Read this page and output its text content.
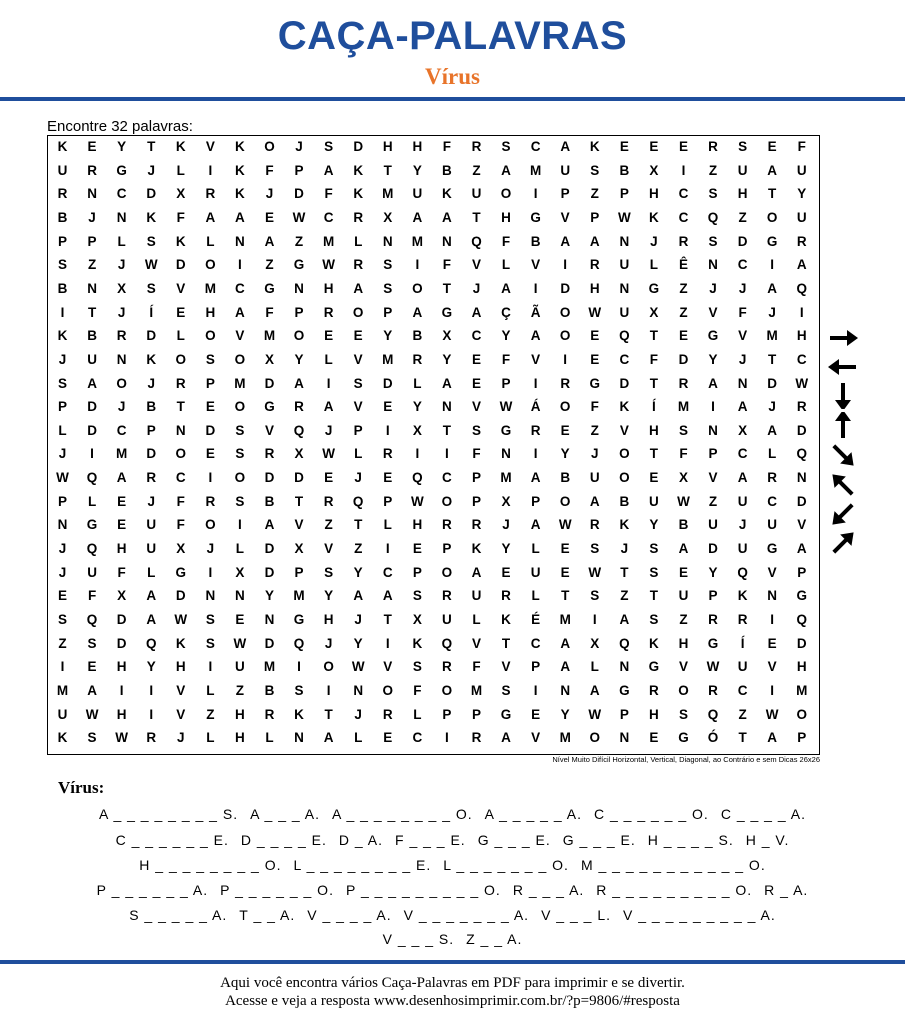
CAÇA-PALAVRAS
Vírus
Encontre 32 palavras:
K	E	Y	T	K	V	K	O	J	S	D	H	H	F	R	S	C	A	K	E	E	E	R	S	E	F
U	R	G	J	L	I	K	F	P	A	K	T	Y	B	Z	A	M	U	S	B	X	I	Z	U	A	U
R	N	C	D	X	R	K	J	D	F	K	M	U	K	U	O	I	P	Z	P	H	C	S	H	T	Y
B	J	N	K	F	A	A	E	W	C	R	X	A	A	T	H	G	V	P	W	K	C	Q	Z	O	U
P	P	L	S	K	L	N	A	Z	M	L	N	M	N	Q	F	B	A	A	N	J	R	S	D	G	R
S	Z	J	W	D	O	I	Z	G	W	R	S	I	F	V	L	V	I	R	U	L	Ê	N	C	I	A
B	N	X	S	V	M	C	G	N	H	A	S	O	T	J	A	I	D	H	N	G	Z	J	J	A	Q
I	T	J	Í	E	H	A	F	P	R	O	P	A	G	A	Ç	Ã	O	W	U	X	Z	V	F	J	I
K	B	R	D	L	O	V	M	O	E	E	Y	B	X	C	Y	A	O	E	Q	T	E	G	V	M	H
J	U	N	K	O	S	O	X	Y	L	V	M	R	Y	E	F	V	I	E	C	F	D	Y	J	T	C
S	A	O	J	R	P	M	D	A	I	S	D	L	A	E	P	I	R	G	D	T	R	A	N	D	W
P	D	J	B	T	E	O	G	R	A	V	E	Y	N	V	W	Á	O	F	K	Í	M	I	A	J	R
L	D	C	P	N	D	S	V	Q	J	P	I	X	T	S	G	R	E	Z	V	H	S	N	X	A	D
J	I	M	D	O	E	S	R	X	W	L	R	I	I	F	N	I	Y	J	O	T	F	P	C	L	Q
W	Q	A	R	C	I	O	D	D	E	J	E	Q	C	P	M	A	B	U	O	E	X	V	A	R	N
P	L	E	J	F	R	S	B	T	R	Q	P	W	O	P	X	P	O	A	B	U	W	Z	U	C	D
N	G	E	U	F	O	I	A	V	Z	T	L	H	R	R	J	A	W	R	K	Y	B	U	J	U	V
J	Q	H	U	X	J	L	D	X	V	Z	I	E	P	K	Y	L	E	S	J	S	A	D	U	G	A
J	U	F	L	G	I	X	D	P	S	Y	C	P	O	A	E	U	E	W	T	S	E	Y	Q	V	P
E	F	X	A	D	N	N	Y	M	Y	A	A	S	R	U	R	L	T	S	Z	T	U	P	K	N	G
S	Q	D	A	W	S	E	N	G	H	J	T	X	U	L	K	É	M	I	A	S	Z	R	R	I	Q
Z	S	D	Q	K	S	W	D	Q	J	Y	I	K	Q	V	T	C	A	X	Q	K	H	G	Í	E	D
I	E	H	Y	H	I	U	M	I	O	W	V	S	R	F	V	P	A	L	N	G	V	W	U	V	H
M	A	I	I	V	L	Z	B	S	I	N	O	F	O	M	S	I	N	A	G	R	O	R	C	I	M
U	W	H	I	V	Z	H	R	K	T	J	R	L	P	P	G	E	Y	W	P	H	S	Q	Z	W	O
K	S	W	R	J	L	H	L	N	A	L	E	C	I	R	A	V	M	O	N	E	G	Ó	T	A	P
Nível Muito Difícil Horizontal, Vertical, Diagonal, ao Contrário e sem Dicas 26x26
Vírus:
A _ _ _ _ _ _ _ _ S. A _ _ _ A. A _ _ _ _ _ _ _ _ O. A _ _ _ _ _ A. C _ _ _ _ _ _ O. C _ _ _ _ A.
C _ _ _ _ _ _ E. D _ _ _ _ E. D _ A. F _ _ _ E. G _ _ _ E. G _ _ _ E. H _ _ _ _ S. H _ V.
H _ _ _ _ _ _ _ _ O. L _ _ _ _ _ _ _ _ E. L _ _ _ _ _ _ _ O. M _ _ _ _ _ _ _ _ _ _ _ O.
P _ _ _ _ _ _ A. P _ _ _ _ _ _ O. P _ _ _ _ _ _ _ _ _ O. R _ _ _ A. R _ _ _ _ _ _ _ _ _ O. R _ A.
S _ _ _ _ _ A. T _ _ A. V _ _ _ _ A. V _ _ _ _ _ _ _ A. V _ _ _ L. V _ _ _ _ _ _ _ _ _ A.
V _ _ _ S. Z _ _ A.
Aqui você encontra vários Caça-Palavras em PDF para imprimir e se divertir.
Acesse e veja a resposta www.desenhosimprimir.com.br/?p=9806/#resposta
